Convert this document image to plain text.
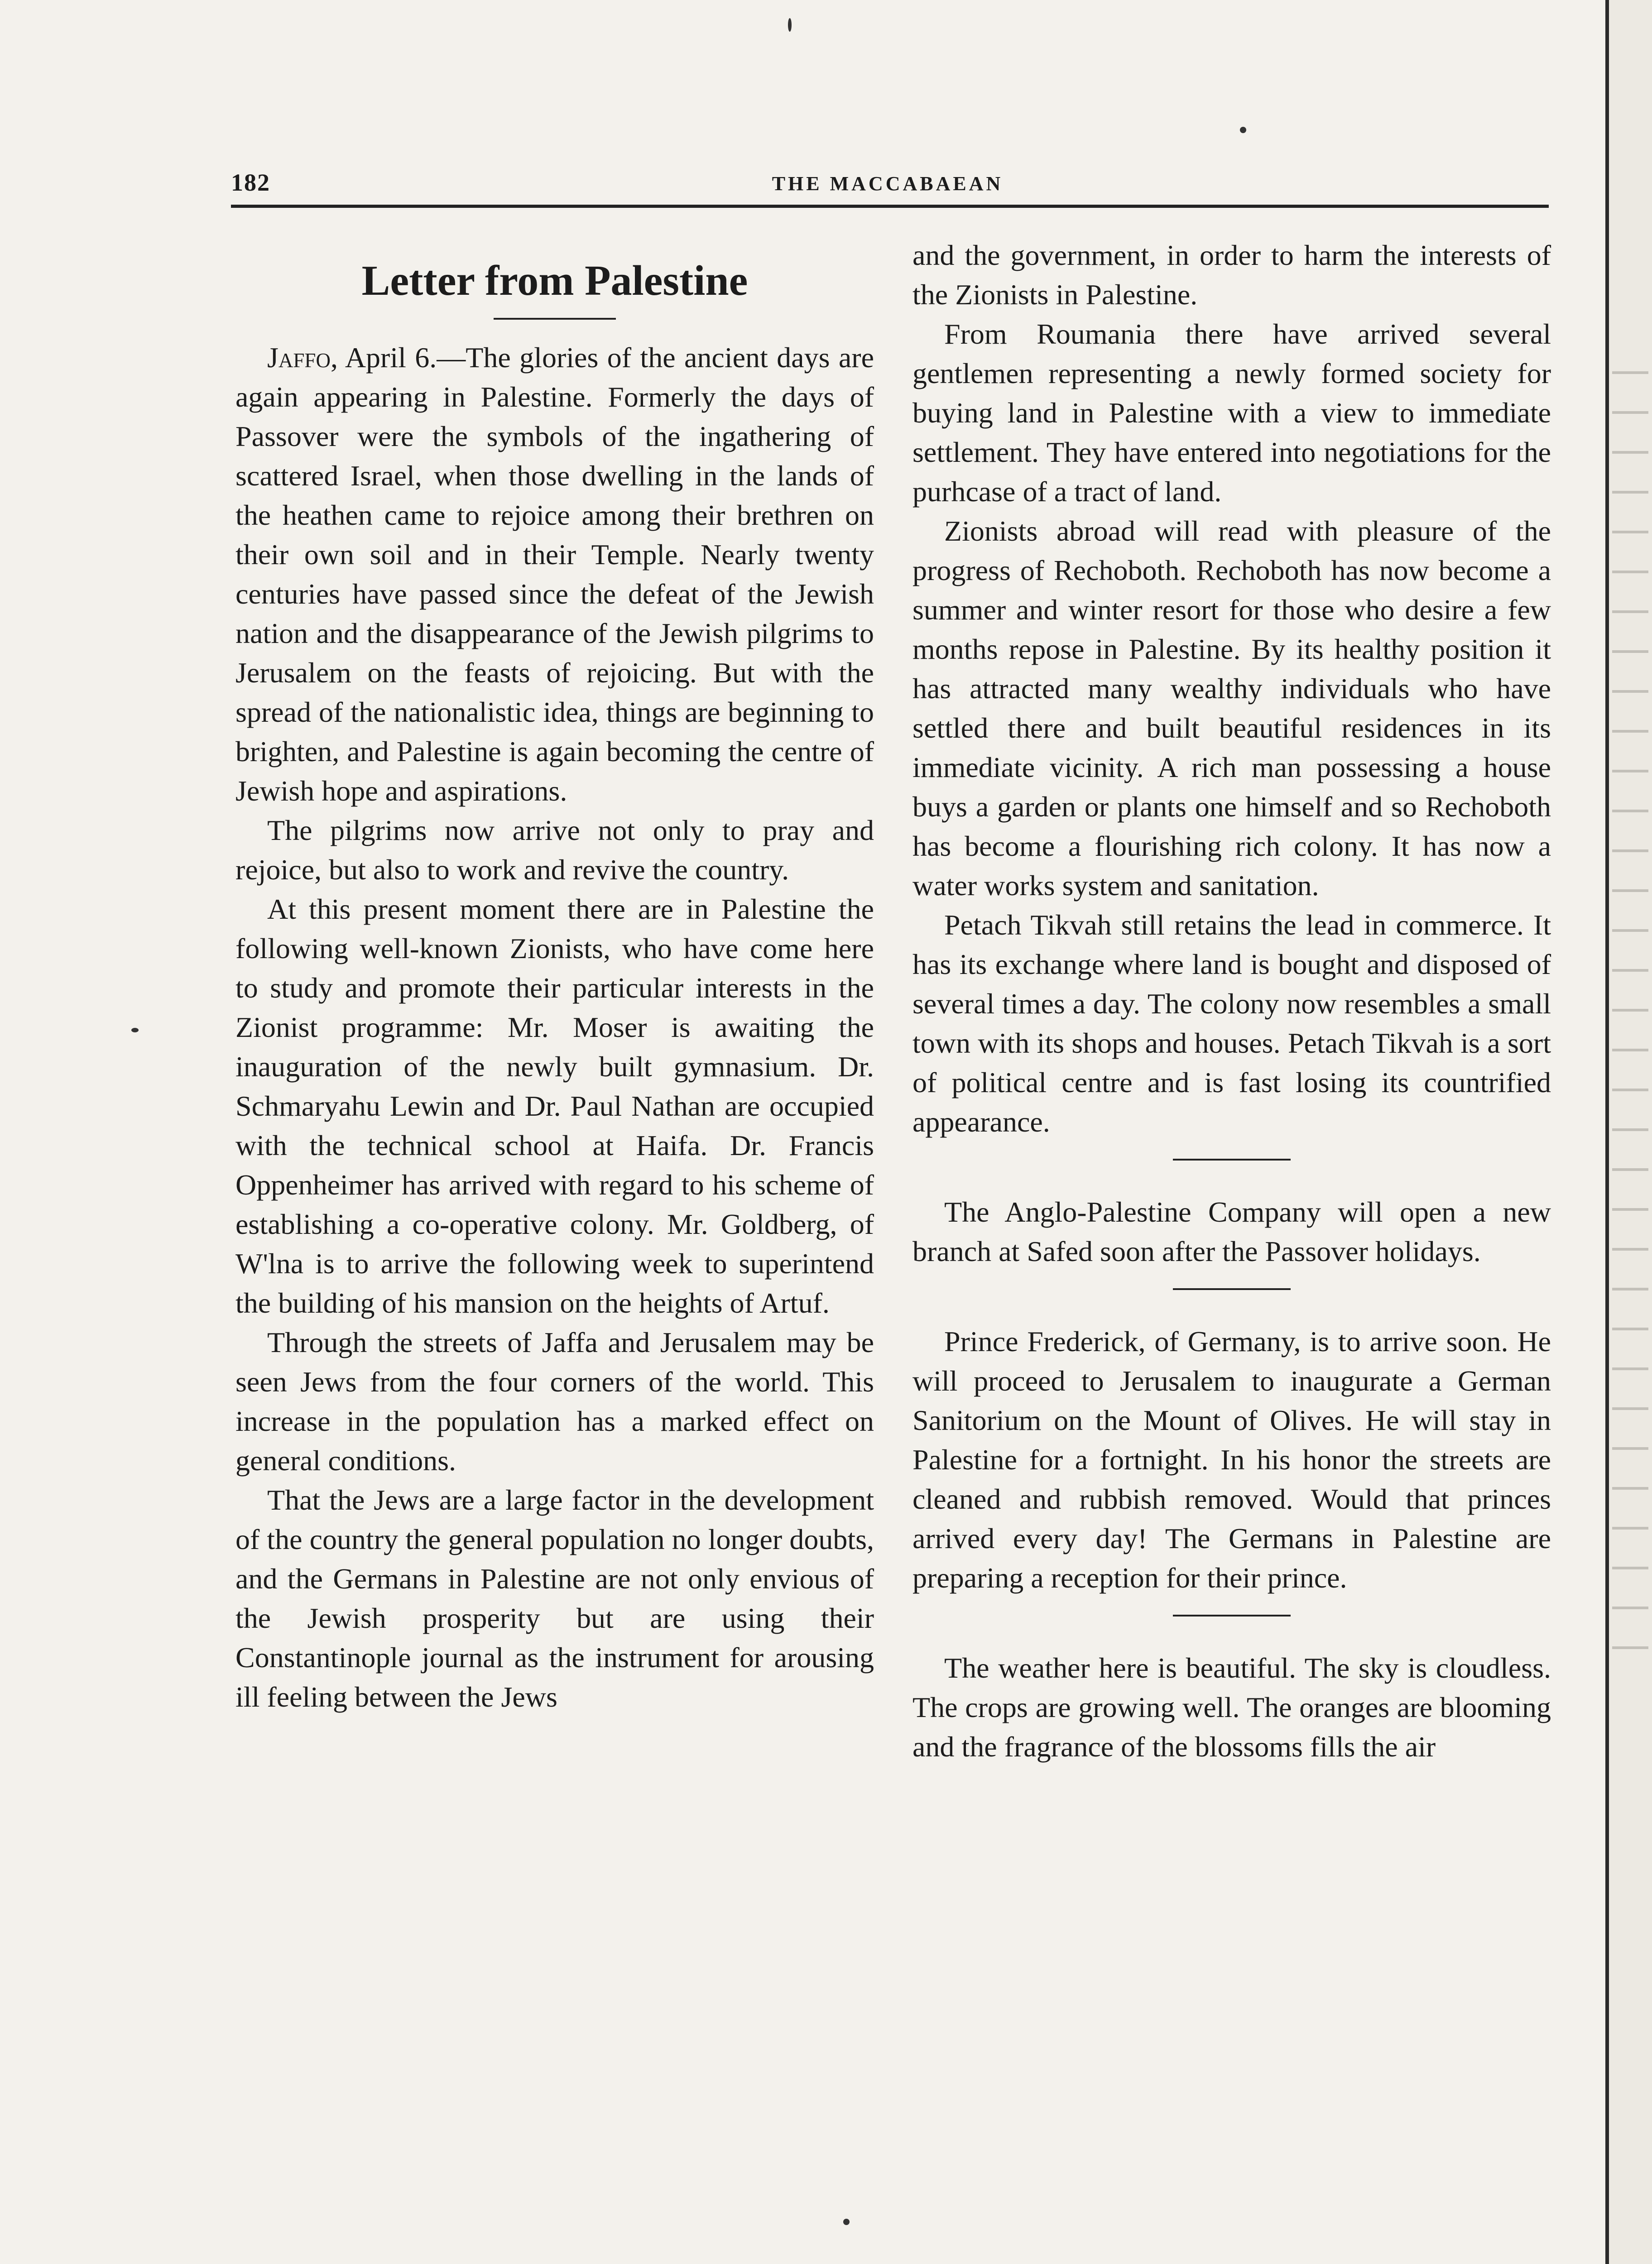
182	THE MACCABAEAN
Letter from Palestine

Jaffo, April 6.—The glories of the ancient days are again appearing in Palestine. Formerly the days of Passover were the symbols of the ingathering of scattered Israel, when those dwelling in the lands of the heathen came to rejoice among their brethren on their own soil and in their Temple. Nearly twenty centuries have passed since the defeat of the Jewish nation and the disappearance of the Jewish pilgrims to Jerusalem on the feasts of rejoicing. But with the spread of the nationalistic idea, things are beginning to brighten, and Palestine is again becoming the centre of Jewish hope and aspirations.

The pilgrims now arrive not only to pray and rejoice, but also to work and revive the country.

At this present moment there are in Palestine the following well-known Zionists, who have come here to study and promote their particular interests in the Zionist programme: Mr. Moser is awaiting the inauguration of the newly built gymnasium. Dr. Schmaryahu Lewin and Dr. Paul Nathan are occupied with the technical school at Haifa. Dr. Francis Oppenheimer has arrived with regard to his scheme of establishing a co-operative colony. Mr. Goldberg, of W'lna is to arrive the following week to superintend the building of his mansion on the heights of Artuf.

Through the streets of Jaffa and Jerusalem may be seen Jews from the four corners of the world. This increase in the population has a marked effect on general conditions.

That the Jews are a large factor in the development of the country the general population no longer doubts, and the Germans in Palestine are not only envious of the Jewish prosperity but are using their Constantinople journal as the instrument for arousing ill feeling between the Jews

and the government, in order to harm the interests of the Zionists in Palestine.

From Roumania there have arrived several gentlemen representing a newly formed society for buying land in Palestine with a view to immediate settlement. They have entered into negotiations for the purhcase of a tract of land.

Zionists abroad will read with pleasure of the progress of Rechoboth. Rechoboth has now become a summer and winter resort for those who desire a few months repose in Palestine. By its healthy position it has attracted many wealthy individuals who have settled there and built beautiful residences in its immediate vicinity. A rich man possessing a house buys a garden or plants one himself and so Rechoboth has become a flourishing rich colony. It has now a water works system and sanitation.

Petach Tikvah still retains the lead in commerce. It has its exchange where land is bought and disposed of several times a day. The colony now resembles a small town with its shops and houses. Petach Tikvah is a sort of political centre and is fast losing its countrified appearance.

The Anglo-Palestine Company will open a new branch at Safed soon after the Passover holidays.

Prince Frederick, of Germany, is to arrive soon. He will proceed to Jerusalem to inaugurate a German Sanitorium on the Mount of Olives. He will stay in Palestine for a fortnight. In his honor the streets are cleaned and rubbish removed. Would that princes arrived every day! The Germans in Palestine are preparing a reception for their prince.

The weather here is beautiful. The sky is cloudless. The crops are growing well. The oranges are blooming and the fragrance of the blossoms fills the air
